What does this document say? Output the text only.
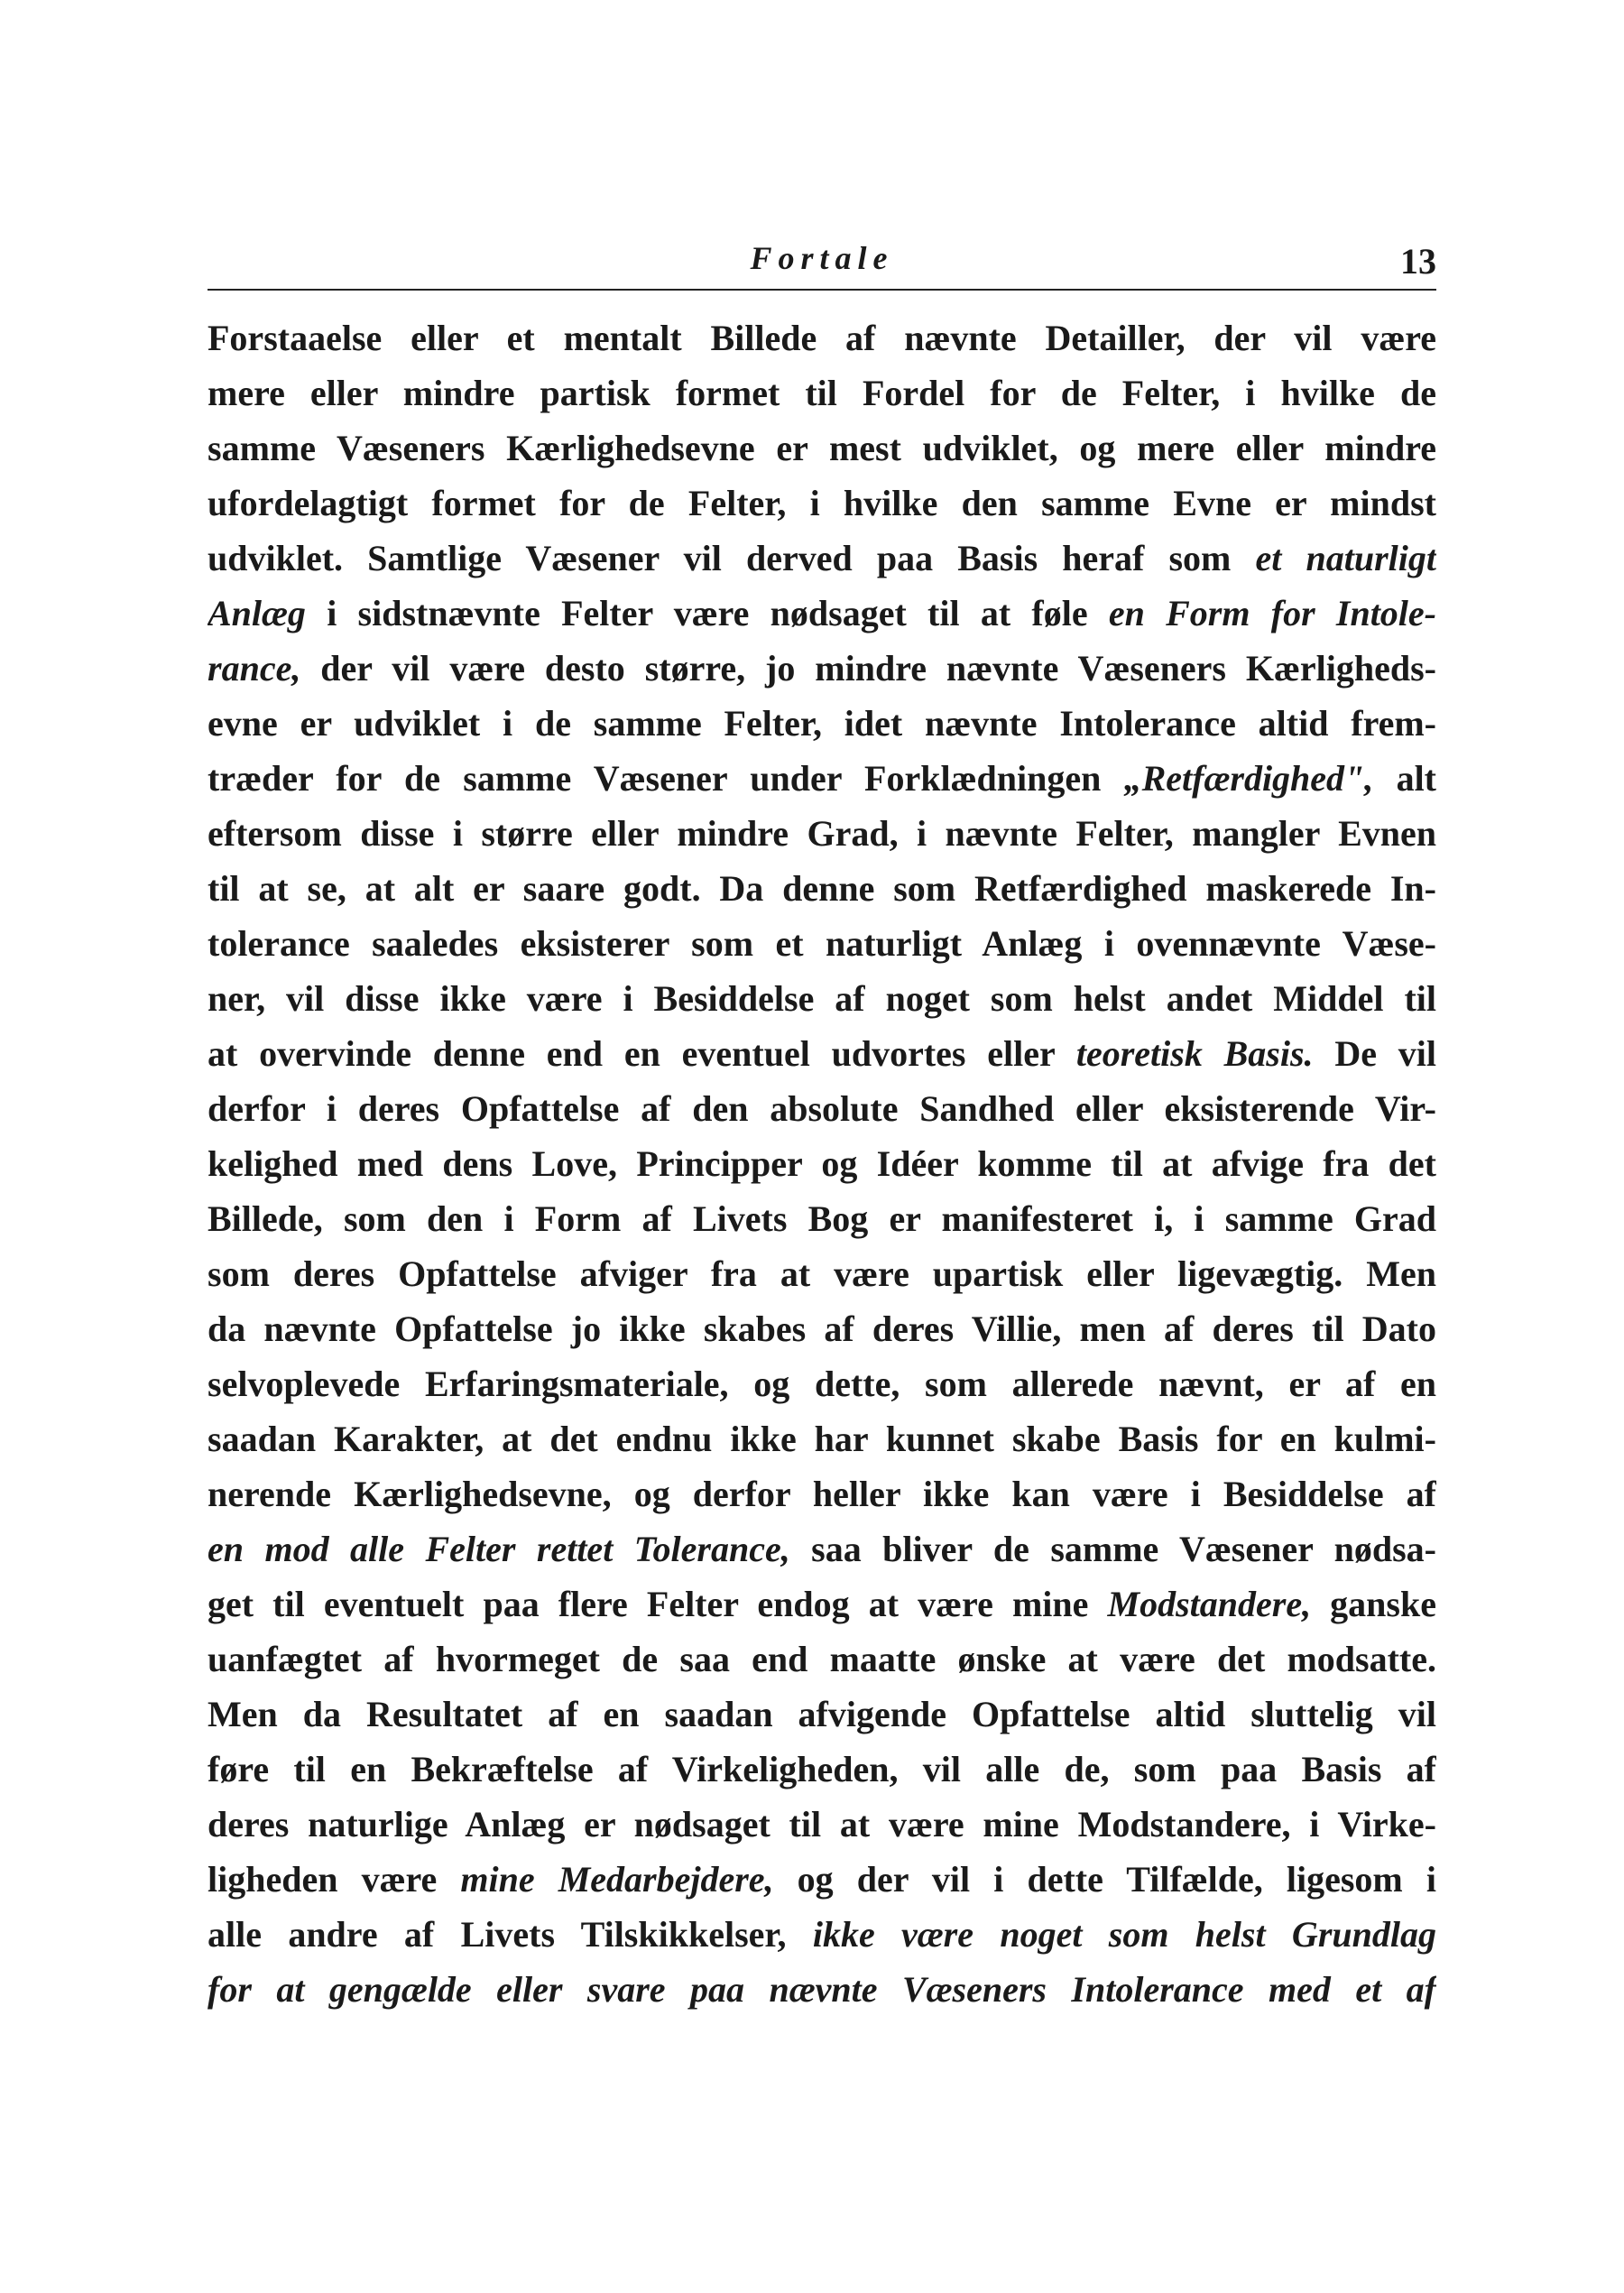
Fortale	13
Forstaaelse eller et mentalt Billede af nævnte Detailler, der vil være
mere eller mindre partisk formet til Fordel for de Felter, i hvilke de
samme Væseners Kærlighedsevne er mest udviklet, og mere eller mindre
ufordelagtigt formet for de Felter, i hvilke den samme Evne er mindst
udviklet. Samtlige Væsener vil derved paa Basis heraf som et naturligt
Anlæg i sidstnævnte Felter være nødsaget til at føle en Form for Intole-
rance, der vil være desto større, jo mindre nævnte Væseners Kærligheds-
evne er udviklet i de samme Felter, idet nævnte Intolerance altid frem-
træder for de samme Væsener under Forklædningen „Retfærdighed", alt
eftersom disse i større eller mindre Grad, i nævnte Felter, mangler Evnen
til at se, at alt er saare godt. Da denne som Retfærdighed maskerede In-
tolerance saaledes eksisterer som et naturligt Anlæg i ovennævnte Væse-
ner, vil disse ikke være i Besiddelse af noget som helst andet Middel til
at overvinde denne end en eventuel udvortes eller teoretisk Basis. De vil
derfor i deres Opfattelse af den absolute Sandhed eller eksisterende Vir-
kelighed med dens Love, Principper og Idéer komme til at afvige fra det
Billede, som den i Form af Livets Bog er manifesteret i, i samme Grad
som deres Opfattelse afviger fra at være upartisk eller ligevægtig. Men
da nævnte Opfattelse jo ikke skabes af deres Villie, men af deres til Dato
selvoplevede Erfaringsmateriale, og dette, som allerede nævnt, er af en
saadan Karakter, at det endnu ikke har kunnet skabe Basis for en kulmi-
nerende Kærlighedsevne, og derfor heller ikke kan være i Besiddelse af
en mod alle Felter rettet Tolerance, saa bliver de samme Væsener nødsa-
get til eventuelt paa flere Felter endog at være mine Modstandere, ganske
uanfægtet af hvormeget de saa end maatte ønske at være det modsatte.
Men da Resultatet af en saadan afvigende Opfattelse altid sluttelig vil
føre til en Bekræftelse af Virkeligheden, vil alle de, som paa Basis af
deres naturlige Anlæg er nødsaget til at være mine Modstandere, i Virke-
ligheden være mine Medarbejdere, og der vil i dette Tilfælde, ligesom i
alle andre af Livets Tilskikkelser, ikke være noget som helst Grundlag
for at gengælde eller svare paa nævnte Væseners Intolerance med et af
